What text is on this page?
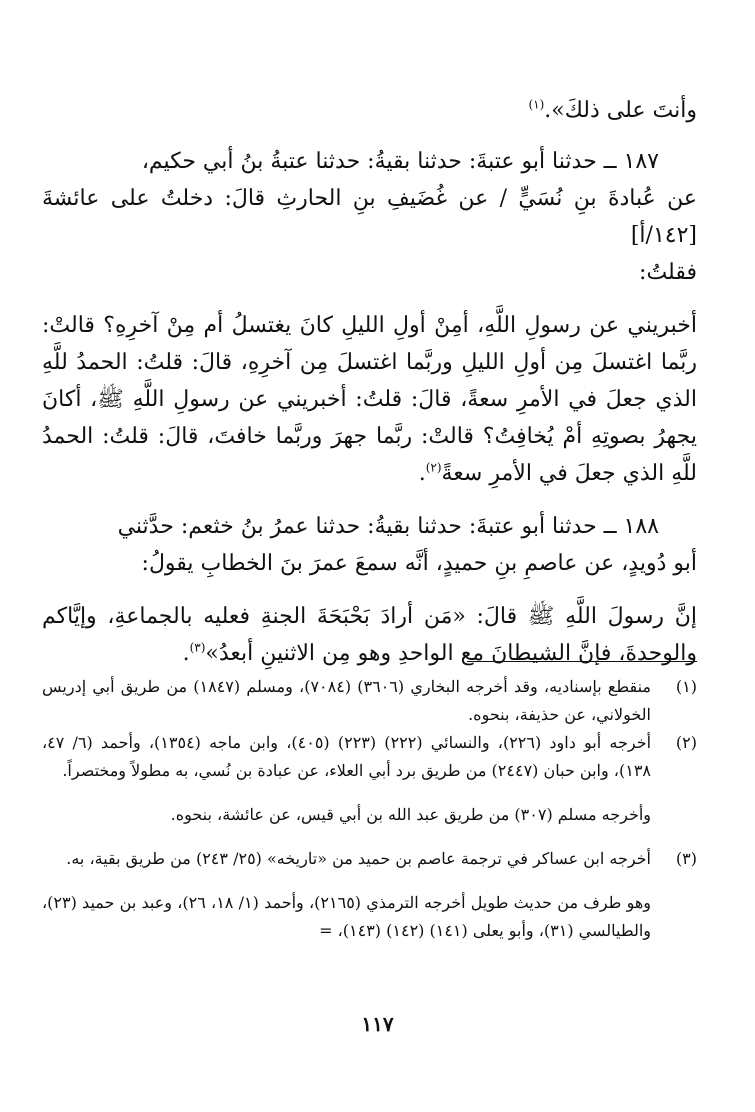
وأنتَ على ذلكَ».$^{(١)}$

١٨٧ ــ حدثنا أبو عتبةَ: حدثنا بقيةُ: حدثنا عتبةُ بنُ أبي حكيم،
عن عُبادةَ بنِ نُسَيٍّ / عن غُضَيفِ بنِ الحارثِ قالَ: دخلتُ على عائشةَ [١٤٢/أ]
فقلتُ:

أخبريني عن رسولِ اللَّهِ، أمِنْ أولِ الليلِ كانَ يغتسلُ أم مِنْ آخرِهِ؟ قالتْ: ربَّما اغتسلَ مِن أولِ الليلِ وربَّما اغتسلَ مِن آخرِهِ، قالَ: قلتُ: الحمدُ للَّهِ الذي جعلَ في الأمرِ سعةً، قالَ: قلتُ: أخبريني عن رسولِ اللَّهِ ﷺ، أكانَ يجهرُ بصوتِهِ أمْ يُخافِتُ؟ قالتْ: ربَّما جهرَ وربَّما خافتَ، قالَ: قلتُ: الحمدُ للَّهِ الذي جعلَ في الأمرِ سعةً$^{(٢)}$.

١٨٨ ــ حدثنا أبو عتبةَ: حدثنا بقيةُ: حدثنا عمرُ بنُ خثعم: حدَّثني
أبو دُويدٍ، عن عاصمِ بنِ حميدٍ، أنَّه سمعَ عمرَ بنَ الخطابِ يقولُ:

إنَّ رسولَ اللَّهِ ﷺ قالَ: «مَن أرادَ بَحْبَحَةَ الجنةِ فعليه بالجماعةِ، وإيَّاكم والوحدةَ، فإنَّ الشيطانَ مع الواحدِ وهو مِن الاثنينِ أبعدُ»$^{(٣)}$.

(١)
منقطع بإسناديه، وقد أخرجه البخاري (٣٦٠٦) (٧٠٨٤)، ومسلم (١٨٤٧) من طريق أبي إدريس الخولاني، عن حذيفة، بنحوه.
(٢)
أخرجه أبو داود (٢٢٦)، والنسائي (٢٢٢) (٢٢٣) (٤٠٥)، وابن ماجه (١٣٥٤)، وأحمد (٦/ ٤٧، ١٣٨)، وابن حبان (٢٤٤٧) من طريق برد أبي العلاء، عن عبادة بن نُسي، به مطولاً ومختصراً.

وأخرجه مسلم (٣٠٧) من طريق عبد الله بن أبي قيس، عن عائشة، بنحوه.

(٣)
أخرجه ابن عساكر في ترجمة عاصم بن حميد من «تاريخه» (٢٥/ ٢٤٣) من طريق بقية، به.

وهو طرف من حديث طويل أخرجه الترمذي (٢١٦٥)، وأحمد (١/ ١٨، ٢٦)، وعبد بن حميد (٢٣)، والطيالسي (٣١)، وأبو يعلى (١٤١) (١٤٢) (١٤٣)، =

١١٧
